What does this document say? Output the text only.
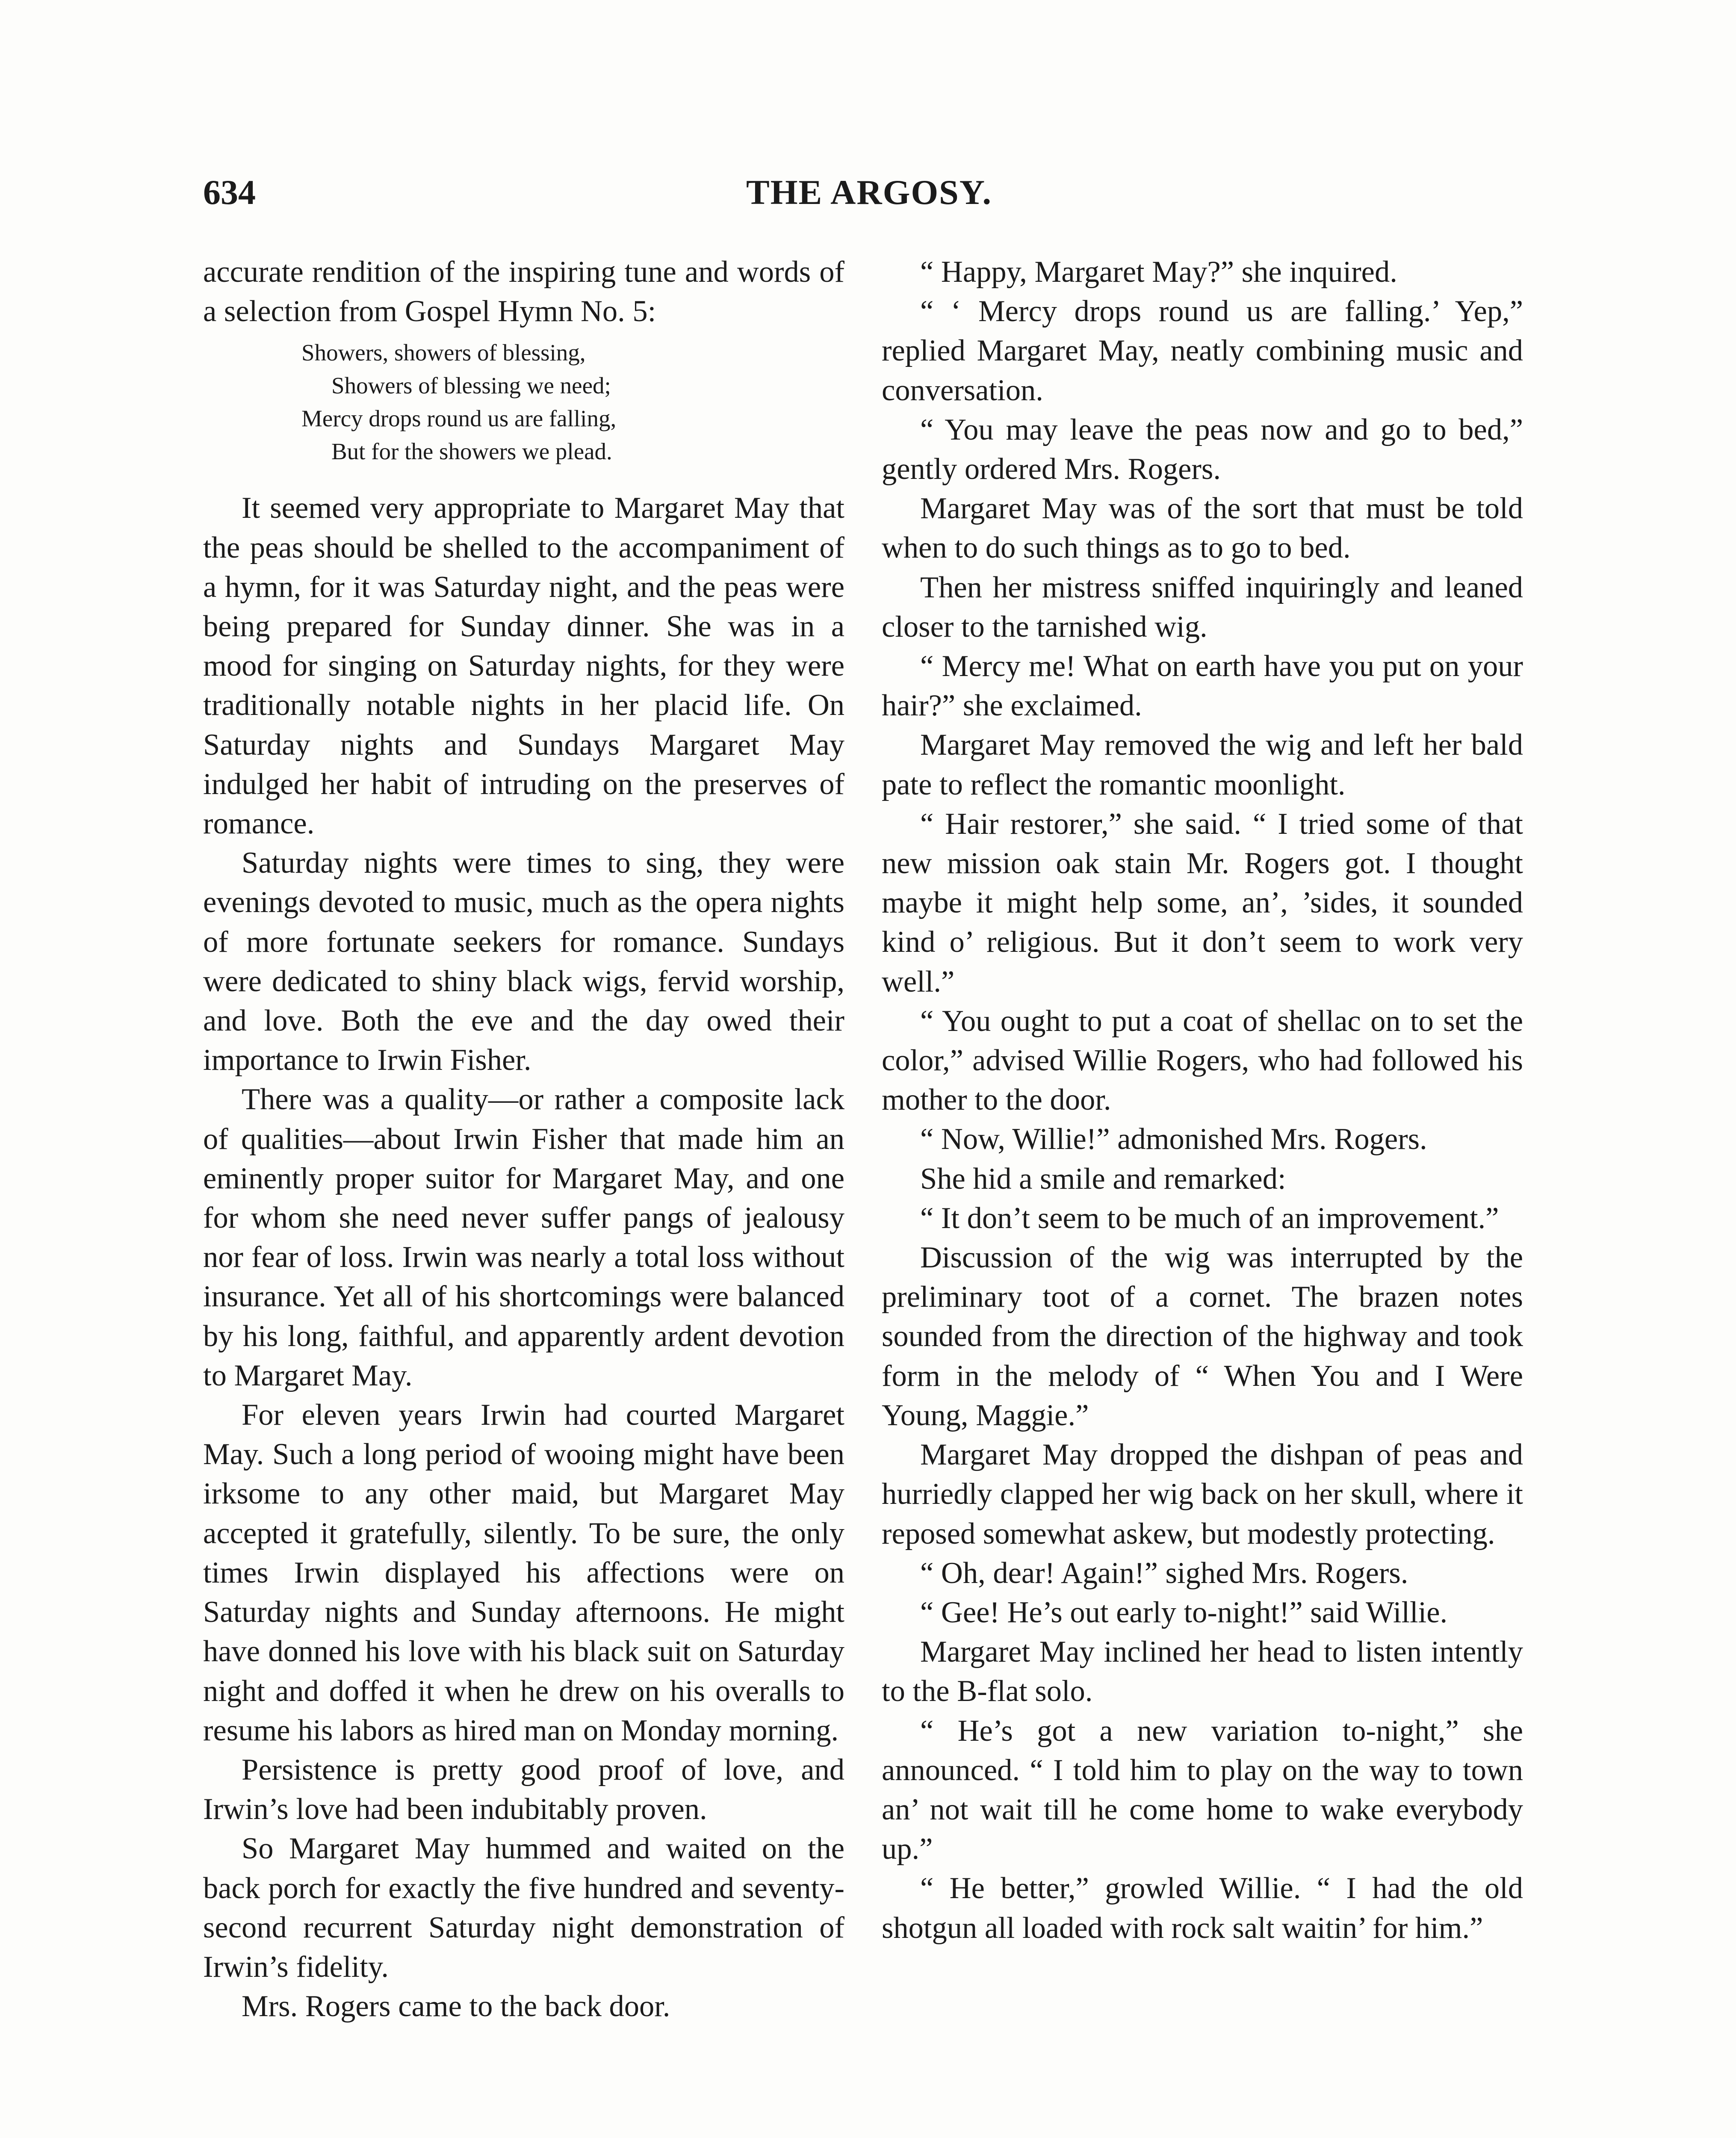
634	THE ARGOSY.

accurate rendition of the inspiring tune and words of a selection from Gospel Hymn No. 5:

Showers, showers of blessing,
Showers of blessing we need;
Mercy drops round us are falling,
But for the showers we plead.

It seemed very appropriate to Margaret May that the peas should be shelled to the accompaniment of a hymn, for it was Saturday night, and the peas were being prepared for Sunday dinner. She was in a mood for singing on Saturday nights, for they were traditionally notable nights in her placid life. On Saturday nights and Sundays Margaret May indulged her habit of intruding on the preserves of romance.

Saturday nights were times to sing, they were evenings devoted to music, much as the opera nights of more fortunate seekers for romance. Sundays were dedicated to shiny black wigs, fervid worship, and love. Both the eve and the day owed their importance to Irwin Fisher.

There was a quality—or rather a composite lack of qualities—about Irwin Fisher that made him an eminently proper suitor for Margaret May, and one for whom she need never suffer pangs of jealousy nor fear of loss. Irwin was nearly a total loss without insurance. Yet all of his shortcomings were balanced by his long, faithful, and apparently ardent devotion to Margaret May.

For eleven years Irwin had courted Margaret May. Such a long period of wooing might have been irksome to any other maid, but Margaret May accepted it gratefully, silently. To be sure, the only times Irwin displayed his affections were on Saturday nights and Sunday afternoons. He might have donned his love with his black suit on Saturday night and doffed it when he drew on his overalls to resume his labors as hired man on Monday morning.

Persistence is pretty good proof of love, and Irwin’s love had been indubitably proven.

So Margaret May hummed and waited on the back porch for exactly the five hundred and seventy-second recurrent Saturday night demonstration of Irwin’s fidelity.

Mrs. Rogers came to the back door.

“ Happy, Margaret May?” she inquired.

“ ‘ Mercy drops round us are falling.’ Yep,” replied Margaret May, neatly combining music and conversation.

“ You may leave the peas now and go to bed,” gently ordered Mrs. Rogers.

Margaret May was of the sort that must be told when to do such things as to go to bed.

Then her mistress sniffed inquiringly and leaned closer to the tarnished wig.

“ Mercy me! What on earth have you put on your hair?” she exclaimed.

Margaret May removed the wig and left her bald pate to reflect the romantic moonlight.

“ Hair restorer,” she said. “ I tried some of that new mission oak stain Mr. Rogers got. I thought maybe it might help some, an’, ’sides, it sounded kind o’ religious. But it don’t seem to work very well.”

“ You ought to put a coat of shellac on to set the color,” advised Willie Rogers, who had followed his mother to the door.

“ Now, Willie!” admonished Mrs. Rogers.

She hid a smile and remarked:

“ It don’t seem to be much of an improvement.”

Discussion of the wig was interrupted by the preliminary toot of a cornet. The brazen notes sounded from the direction of the highway and took form in the melody of “ When You and I Were Young, Maggie.”

Margaret May dropped the dishpan of peas and hurriedly clapped her wig back on her skull, where it reposed somewhat askew, but modestly protecting.

“ Oh, dear! Again!” sighed Mrs. Rogers.

“ Gee! He’s out early to-night!” said Willie.

Margaret May inclined her head to listen intently to the B-flat solo.

“ He’s got a new variation to-night,” she announced. “ I told him to play on the way to town an’ not wait till he come home to wake everybody up.”

“ He better,” growled Willie. “ I had the old shotgun all loaded with rock salt waitin’ for him.”
